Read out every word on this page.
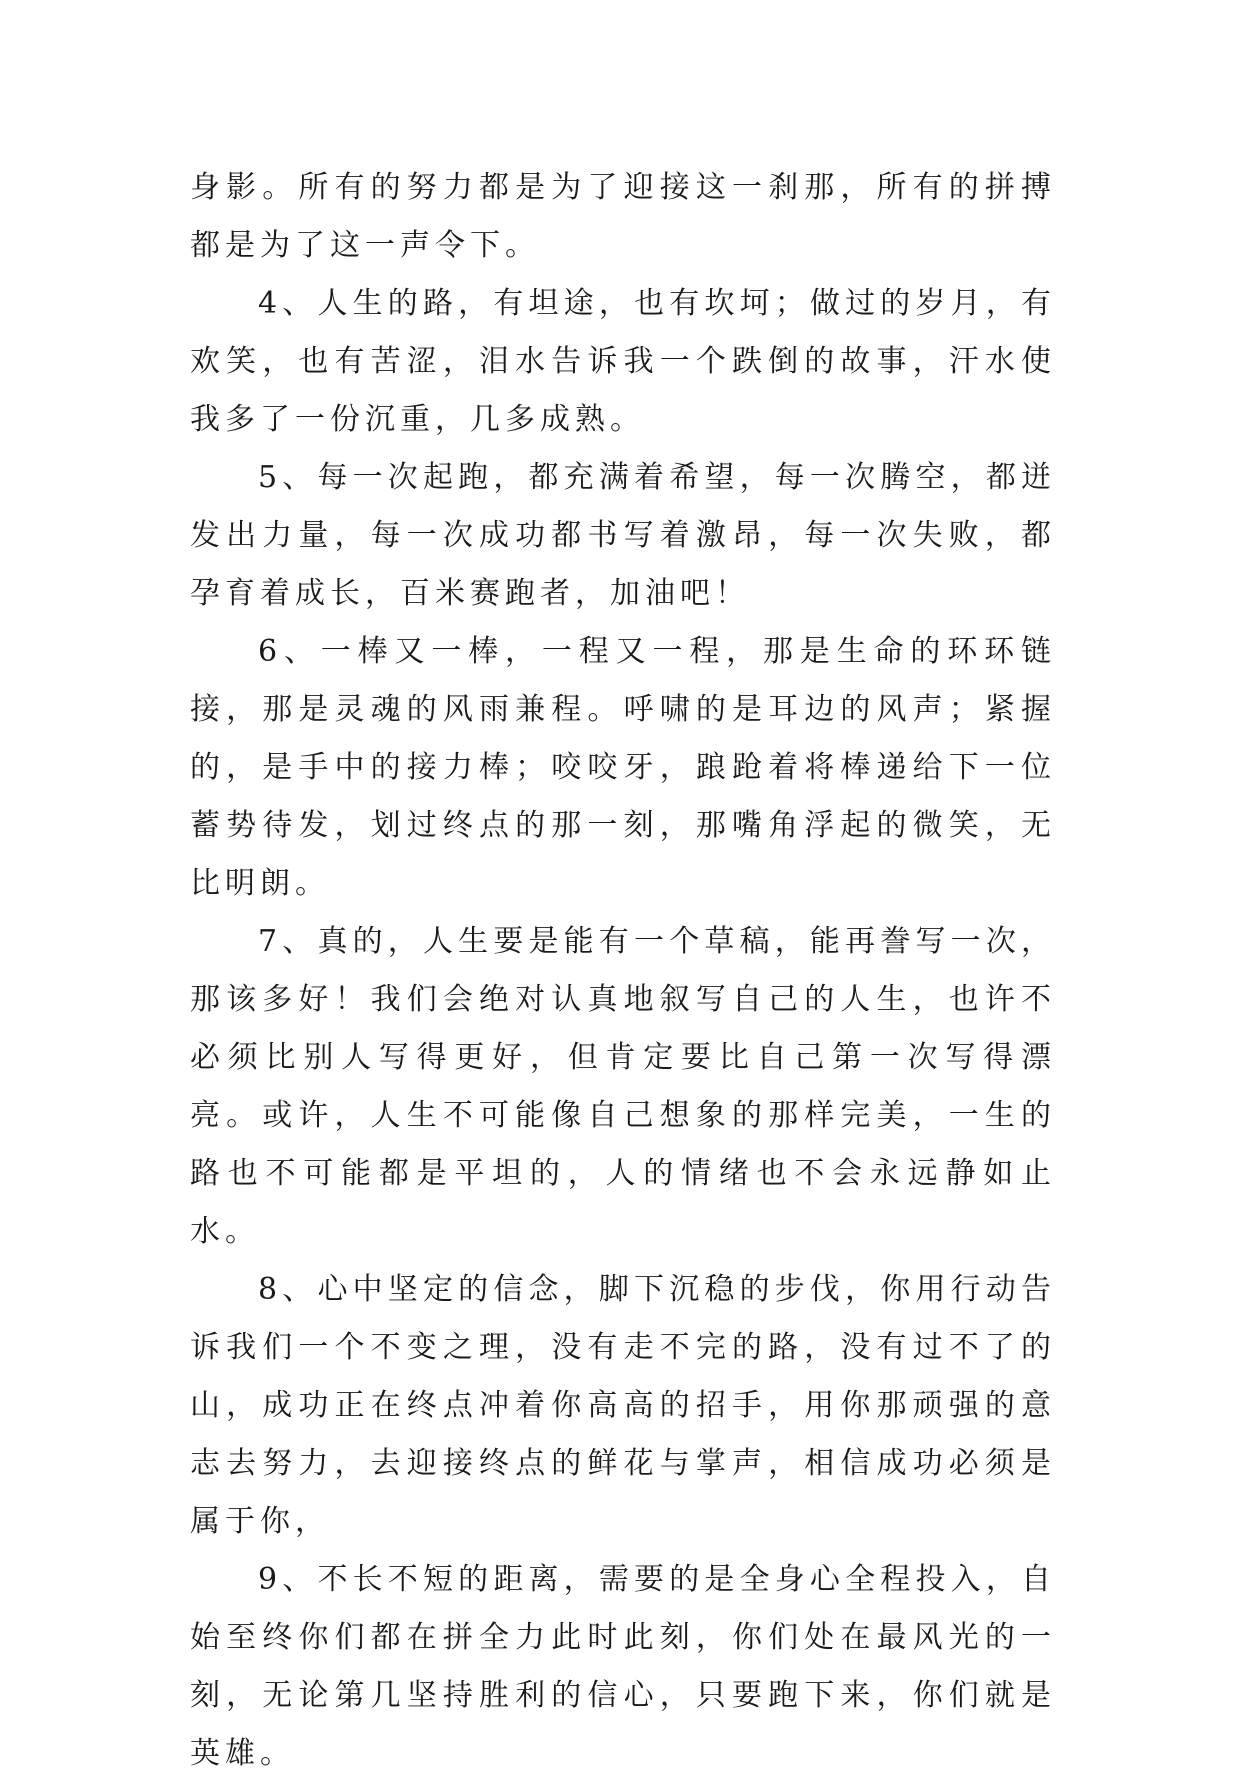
身影。所有的努力都是为了迎接这一刹那，所有的拼搏都是为了这一声令下。

4、人生的路，有坦途，也有坎坷；做过的岁月，有欢笑，也有苦涩，泪水告诉我一个跌倒的故事，汗水使我多了一份沉重，几多成熟。

5、每一次起跑，都充满着希望，每一次腾空，都迸发出力量，每一次成功都书写着激昂，每一次失败，都孕育着成长，百米赛跑者，加油吧！

6、一棒又一棒，一程又一程，那是生命的环环链接，那是灵魂的风雨兼程。呼啸的是耳边的风声；紧握的，是手中的接力棒；咬咬牙，踉跄着将棒递给下一位蓄势待发，划过终点的那一刻，那嘴角浮起的微笑，无比明朗。

7、真的，人生要是能有一个草稿，能再誊写一次，那该多好！我们会绝对认真地叙写自己的人生，也许不必须比别人写得更好，但肯定要比自己第一次写得漂亮。或许，人生不可能像自己想象的那样完美，一生的路也不可能都是平坦的，人的情绪也不会永远静如止水。

8、心中坚定的信念，脚下沉稳的步伐，你用行动告诉我们一个不变之理，没有走不完的路，没有过不了的山，成功正在终点冲着你高高的招手，用你那顽强的意志去努力，去迎接终点的鲜花与掌声，相信成功必须是属于你，

9、不长不短的距离，需要的是全身心全程投入，自始至终你们都在拼全力此时此刻，你们处在最风光的一刻，无论第几坚持胜利的信心，只要跑下来，你们就是英雄。
